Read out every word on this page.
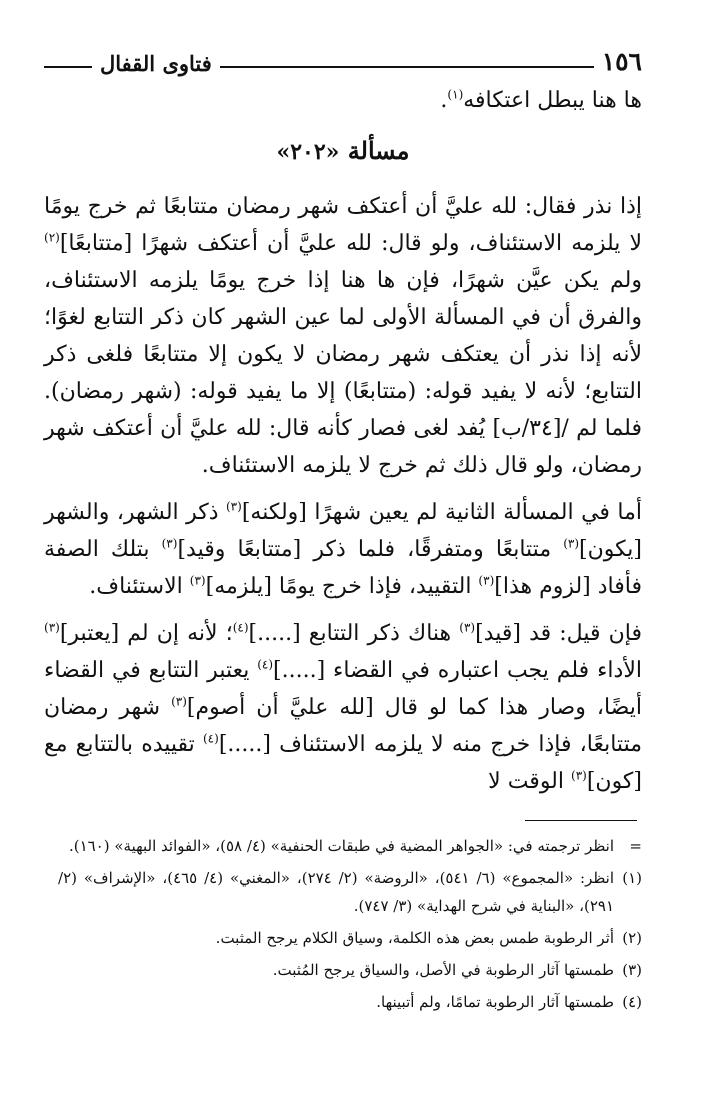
١٥٦
فتاوى القفال

ها هنا يبطل اعتكافه$^{(١)}$.

مسألة «٢٠٢»

إذا نذر فقال: لله عليَّ أن أعتكف شهر رمضان متتابعًا ثم خرج يومًا لا يلزمه الاستئناف، ولو قال: لله عليَّ أن أعتكف شهرًا [متتابعًا]$^{(٢)}$ ولم يكن عيَّن شهرًا، فإن ها هنا إذا خرج يومًا يلزمه الاستئناف، والفرق أن في المسألة الأولى لما عين الشهر كان ذكر التتابع لغوًا؛ لأنه إذا نذر أن يعتكف شهر رمضان لا يكون إلا متتابعًا فلغى ذكر التتابع؛ لأنه لا يفيد قوله: (متتابعًا) إلا ما يفيد قوله: (شهر رمضان). فلما لم /[٣٤/ب] يُفد لغى فصار كأنه قال: لله عليَّ أن أعتكف شهر رمضان، ولو قال ذلك ثم خرج لا يلزمه الاستئناف.

أما في المسألة الثانية لم يعين شهرًا [ولكنه]$^{(٣)}$ ذكر الشهر، والشهر [يكون]$^{(٣)}$ متتابعًا ومتفرقًا، فلما ذكر [متتابعًا وقيد]$^{(٣)}$ بتلك الصفة فأفاد [لزوم هذا]$^{(٣)}$ التقييد، فإذا خرج يومًا [يلزمه]$^{(٣)}$ الاستئناف.

فإن قيل: قد [قيد]$^{(٣)}$ هناك ذكر التتابع [.....]$^{(٤)}$؛ لأنه إن لم [يعتبر]$^{(٣)}$ الأداء فلم يجب اعتباره في القضاء [.....]$^{(٤)}$ يعتبر التتابع في القضاء أيضًا، وصار هذا كما لو قال [لله عليَّ أن أصوم]$^{(٣)}$ شهر رمضان متتابعًا، فإذا خرج منه لا يلزمه الاستئناف [.....]$^{(٤)}$ تقييده بالتتابع مع [كون]$^{(٣)}$ الوقت لا

=
انظر ترجمته في: «الجواهر المضية في طبقات الحنفية» (٤/ ٥٨)، «الفوائد البهية» (١٦٠).
(١)
انظر: «المجموع» (٦/ ٥٤١)، «الروضة» (٢/ ٢٧٤)، «المغني» (٤/ ٤٦٥)، «الإشراف» (٢/ ٢٩١)، «البناية في شرح الهداية» (٣/ ٧٤٧).
(٢)
أثر الرطوبة طمس بعض هذه الكلمة، وسياق الكلام يرجح المثبت.
(٣)
طمستها آثار الرطوبة في الأصل، والسياق يرجح المُثبت.
(٤)
طمستها آثار الرطوبة تمامًا، ولم أتبينها.
